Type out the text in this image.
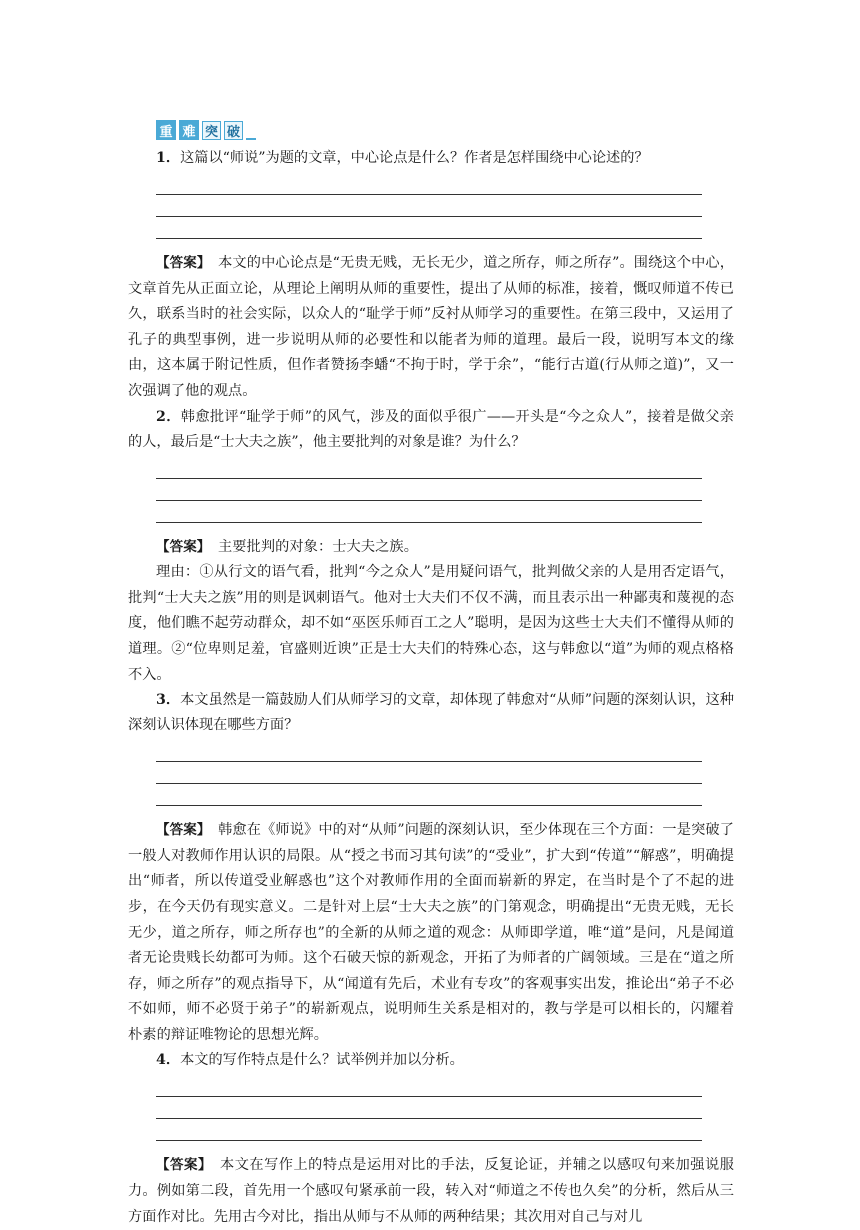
重 难 突 破

1．这篇以“师说”为题的文章，中心论点是什么？作者是怎样围绕中心论述的？

【答案】　 本文的中心论点是“无贵无贱，无长无少，道之所存，师之所存”。围绕这个中心，文章首先从正面立论，从理论上阐明从师的重要性，提出了从师的标准，接着，慨叹师道不传已久，联系当时的社会实际，以众人的“耻学于师”反衬从师学习的重要性。在第三段中，又运用了孔子的典型事例，进一步说明从师的必要性和以能者为师的道理。最后一段，说明写本文的缘由，这本属于附记性质，但作者赞扬李蟠“不拘于时，学于余”，“能行古道(行从师之道)”，又一次强调了他的观点。

2．韩愈批评“耻学于师”的风气，涉及的面似乎很广——开头是“今之众人”，接着是做父亲的人，最后是“士大夫之族”，他主要批判的对象是谁？为什么？

【答案】　 主要批判的对象：士大夫之族。

理由：①从行文的语气看，批判“今之众人”是用疑问语气，批判做父亲的人是用否定语气，批判“士大夫之族”用的则是讽刺语气。他对士大夫们不仅不满，而且表示出一种鄙夷和蔑视的态度，他们瞧不起劳动群众，却不如“巫医乐师百工之人”聪明，是因为这些士大夫们不懂得从师的道理。②“位卑则足羞，官盛则近谀”正是士大夫们的特殊心态，这与韩愈以“道”为师的观点格格不入。

3．本文虽然是一篇鼓励人们从师学习的文章，却体现了韩愈对“从师”问题的深刻认识，这种深刻认识体现在哪些方面？

【答案】　 韩愈在《师说》中的对“从师”问题的深刻认识，至少体现在三个方面：一是突破了一般人对教师作用认识的局限。从“授之书而习其句读”的“受业”，扩大到“传道”“解惑”，明确提出“师者，所以传道受业解惑也”这个对教师作用的全面而崭新的界定，在当时是个了不起的进步，在今天仍有现实意义。二是针对上层“士大夫之族”的门第观念，明确提出“无贵无贱，无长无少，道之所存，师之所存也”的全新的从师之道的观念：从师即学道，唯“道”是问，凡是闻道者无论贵贱长幼都可为师。这个石破天惊的新观念，开拓了为师者的广阔领域。三是在“道之所存，师之所存”的观点指导下，从“闻道有先后，术业有专攻”的客观事实出发，推论出“弟子不必不如师，师不必贤于弟子”的崭新观点，说明师生关系是相对的，教与学是可以相长的，闪耀着朴素的辩证唯物论的思想光辉。

4．本文的写作特点是什么？试举例并加以分析。

【答案】　 本文在写作上的特点是运用对比的手法，反复论证，并辅之以感叹句来加强说服力。例如第二段，首先用一个感叹句紧承前一段，转入对“师道之不传也久矣”的分析，然后从三方面作对比。先用古今对比，指出从师与不从师的两种结果；其次用对自己与对儿
